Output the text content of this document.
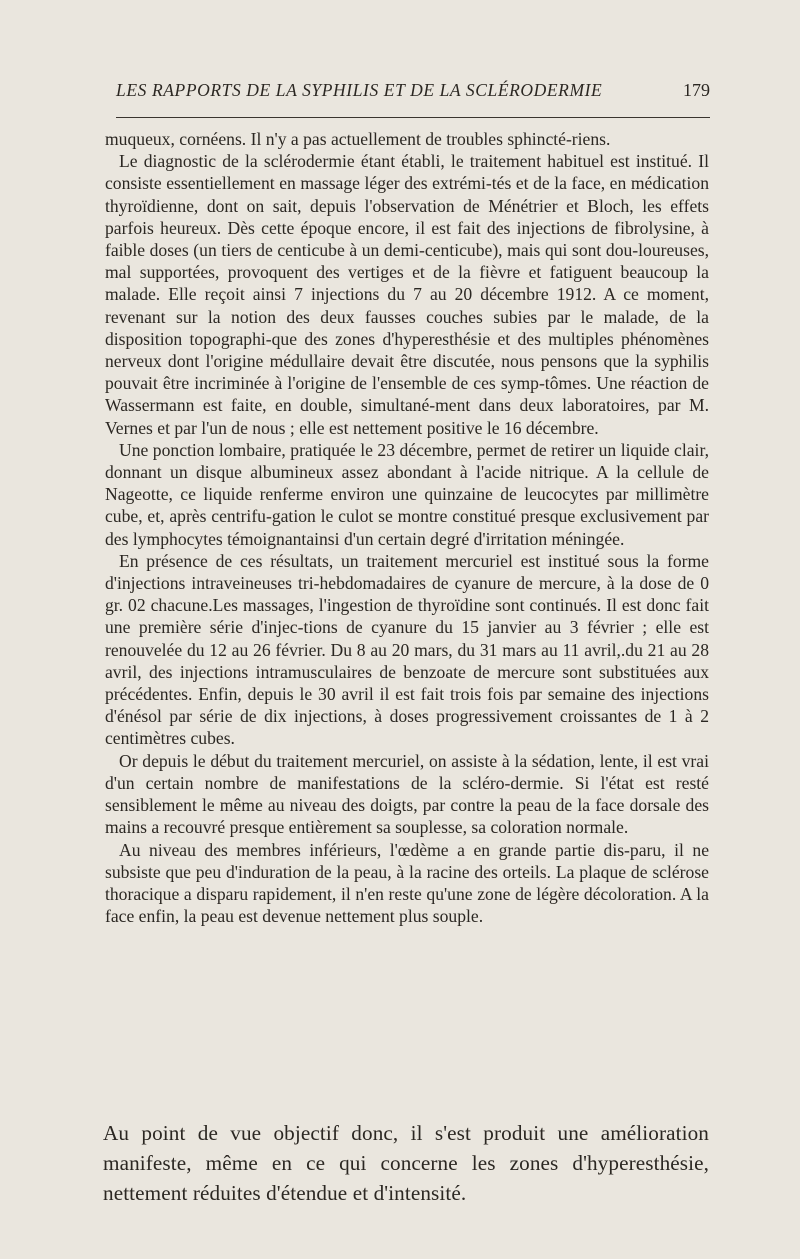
LES RAPPORTS DE LA SYPHILIS ET DE LA SCLÉRODERMIE	179

muqueux, cornéens. Il n'y a pas actuellement de troubles sphincté-riens.

Le diagnostic de la sclérodermie étant établi, le traitement habituel est institué. Il consiste essentiellement en massage léger des extrémi-tés et de la face, en médication thyroïdienne, dont on sait, depuis l'observation de Ménétrier et Bloch, les effets parfois heureux. Dès cette époque encore, il est fait des injections de fibrolysine, à faible doses (un tiers de centicube à un demi-centicube), mais qui sont dou-loureuses, mal supportées, provoquent des vertiges et de la fièvre et fatiguent beaucoup la malade. Elle reçoit ainsi 7 injections du 7 au 20 décembre 1912. A ce moment, revenant sur la notion des deux fausses couches subies par le malade, de la disposition topographi-que des zones d'hyperesthésie et des multiples phénomènes nerveux dont l'origine médullaire devait être discutée, nous pensons que la syphilis pouvait être incriminée à l'origine de l'ensemble de ces symp-tômes. Une réaction de Wassermann est faite, en double, simultané-ment dans deux laboratoires, par M. Vernes et par l'un de nous ; elle est nettement positive le 16 décembre.

Une ponction lombaire, pratiquée le 23 décembre, permet de retirer un liquide clair, donnant un disque albumineux assez abondant à l'acide nitrique. A la cellule de Nageotte, ce liquide renferme environ une quinzaine de leucocytes par millimètre cube, et, après centrifu-gation le culot se montre constitué presque exclusivement par des lymphocytes témoignantainsi d'un certain degré d'irritation méningée.

En présence de ces résultats, un traitement mercuriel est institué sous la forme d'injections intraveineuses tri-hebdomadaires de cyanure de mercure, à la dose de 0 gr. 02 chacune.Les massages, l'ingestion de thyroïdine sont continués. Il est donc fait une première série d'injec-tions de cyanure du 15 janvier au 3 février ; elle est renouvelée du 12 au 26 février. Du 8 au 20 mars, du 31 mars au 11 avril,.du 21 au 28 avril, des injections intramusculaires de benzoate de mercure sont substituées aux précédentes. Enfin, depuis le 30 avril il est fait trois fois par semaine des injections d'énésol par série de dix injections, à doses progressivement croissantes de 1 à 2 centimètres cubes.

Or depuis le début du traitement mercuriel, on assiste à la sédation, lente, il est vrai d'un certain nombre de manifestations de la scléro-dermie. Si l'état est resté sensiblement le même au niveau des doigts, par contre la peau de la face dorsale des mains a recouvré presque entièrement sa souplesse, sa coloration normale.

Au niveau des membres inférieurs, l'œdème a en grande partie dis-paru, il ne subsiste que peu d'induration de la peau, à la racine des orteils. La plaque de sclérose thoracique a disparu rapidement, il n'en reste qu'une zone de légère décoloration. A la face enfin, la peau est devenue nettement plus souple.

Au point de vue objectif donc, il s'est produit une amélioration manifeste, même en ce qui concerne les zones d'hyperesthésie, nettement réduites d'étendue et d'intensité.
